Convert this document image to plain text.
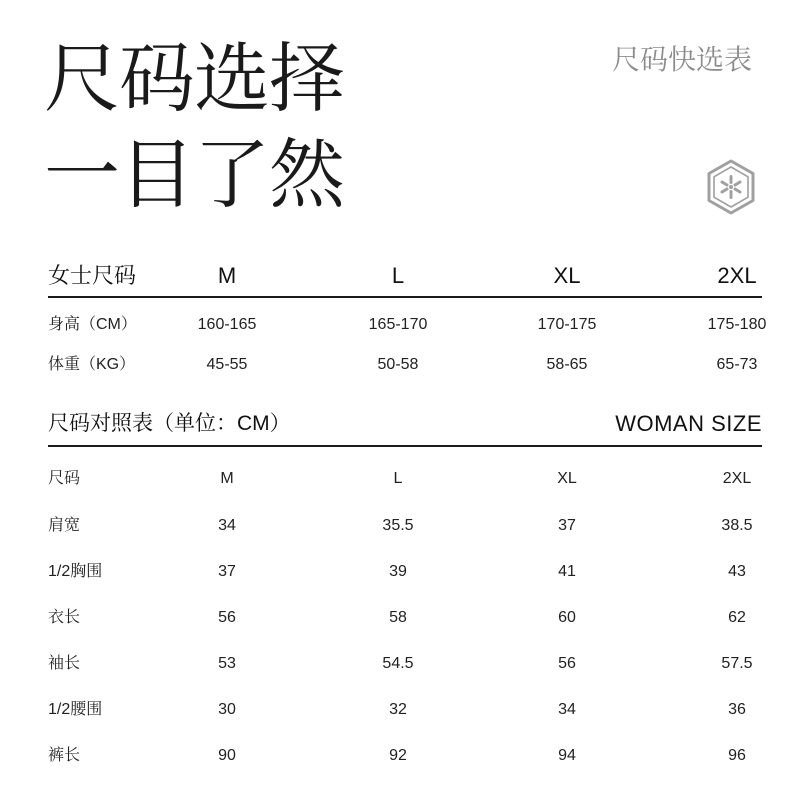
尺码选择
一目了然
尺码快选表
女士尺码	M	L	XL	2XL
身高（CM）	160-165	165-170	170-175	175-180
体重（KG）	45-55	50-58	58-65	65-73
尺码对照表（单位：CM）	WOMAN SIZE
尺码	M	L	XL	2XL
肩宽	34	35.5	37	38.5
1/2胸围	37	39	41	43
衣长	56	58	60	62
袖长	53	54.5	56	57.5
1/2腰围	30	32	34	36
裤长	90	92	94	96
